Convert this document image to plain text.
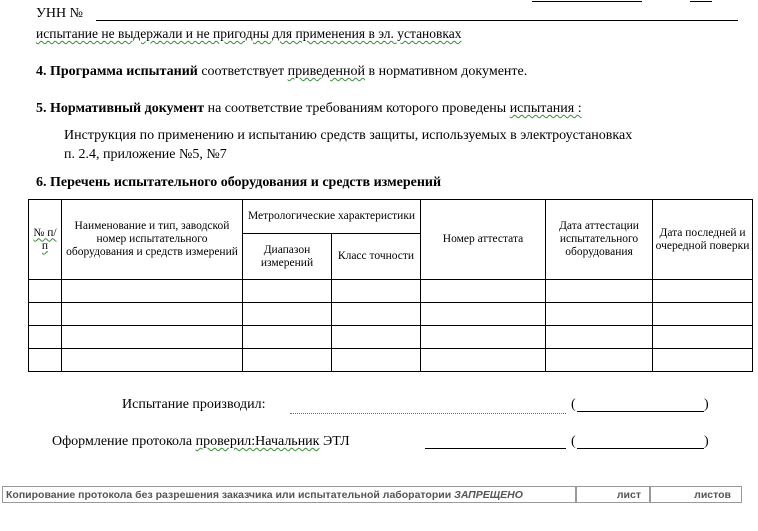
УНН №
испытание не выдержали и не пригодны для применения в эл. установках
4. Программа испытаний соответствует приведенной в нормативном документе.
5. Нормативный документ на соответствие требованиям которого проведены испытания :
Инструкция по применению и испытанию средств защиты, используемых в электроустановках
п. 2.4, приложение №5, №7
6. Перечень испытательного оборудования и средств измерений
№ п/п	Наименование и тип, заводской номер испытательного оборудования и средств измерений	Метрологические характеристики		Номер аттестата	Дата аттестации испытательного оборудования	Дата последней и очередной поверки
		Диапазон измерений	Класс точности			

Испытание производил:	(	)
Оформление протокола проверил:Начальник ЭТЛ	(	)
Копирование протокола без разрешения заказчика или испытательной лаборатории ЗАПРЕЩЕНО	лист	листов
